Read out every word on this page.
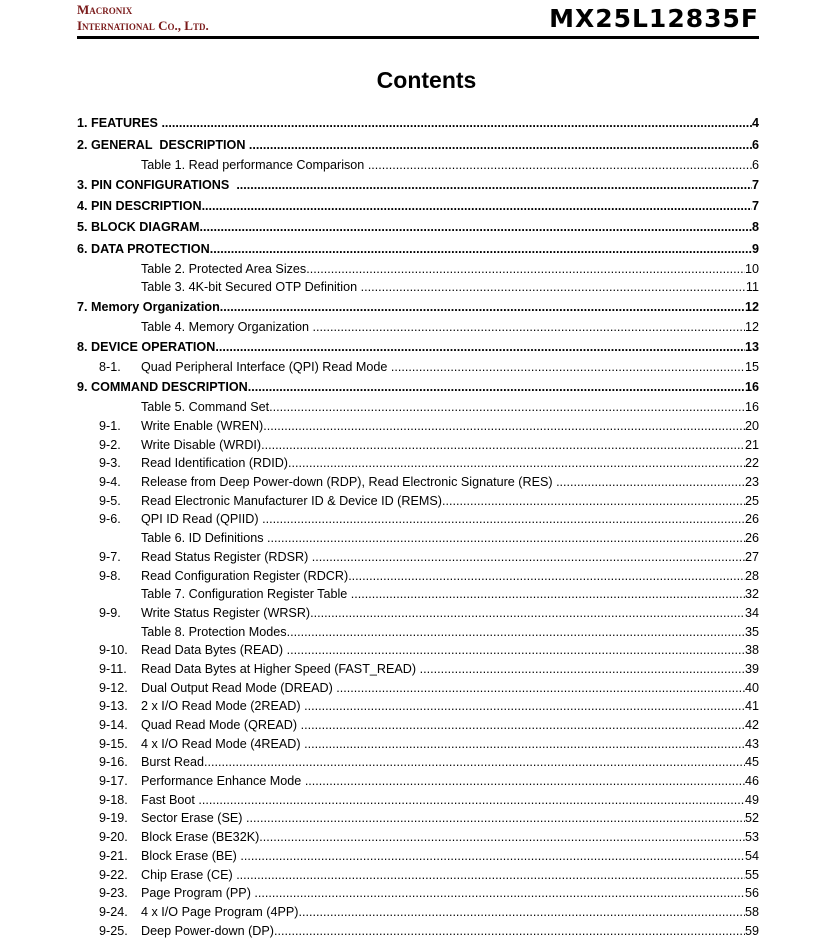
Macronix
International Co., Ltd.	MX25L12835F
Contents
1. FEATURES .....	4
2. GENERAL  DESCRIPTION .....	6
Table 1. Read performance Comparison .....	6
3. PIN CONFIGURATIONS .....	7
4. PIN DESCRIPTION .....	7
5. BLOCK DIAGRAM .....	8
6. DATA PROTECTION .....	9
Table 2. Protected Area Sizes .....	10
Table 3. 4K-bit Secured OTP Definition .....	11
7. Memory Organization .....	12
Table 4. Memory Organization .....	12
8. DEVICE OPERATION .....	13
8-1.	Quad Peripheral Interface (QPI) Read Mode .....	15
9. COMMAND DESCRIPTION .....	16
Table 5. Command Set .....	16
9-1.	Write Enable (WREN) .....	20
9-2.	Write Disable (WRDI) .....	21
9-3.	Read Identification (RDID) .....	22
9-4.	Release from Deep Power-down (RDP), Read Electronic Signature (RES) .....	23
9-5.	Read Electronic Manufacturer ID & Device ID (REMS) .....	25
9-6.	QPI ID Read (QPIID) .....	26
Table 6. ID Definitions .....	26
9-7.	Read Status Register (RDSR) .....	27
9-8.	Read Configuration Register (RDCR) .....	28
Table 7. Configuration Register Table .....	32
9-9.	Write Status Register (WRSR) .....	34
Table 8. Protection Modes .....	35
9-10.	Read Data Bytes (READ) .....	38
9-11.	Read Data Bytes at Higher Speed (FAST_READ) .....	39
9-12.	Dual Output Read Mode (DREAD) .....	40
9-13.	2 x I/O Read Mode (2READ) .....	41
9-14.	Quad Read Mode (QREAD) .....	42
9-15.	4 x I/O Read Mode (4READ) .....	43
9-16.	Burst Read .....	45
9-17.	Performance Enhance Mode .....	46
9-18.	Fast Boot .....	49
9-19.	Sector Erase (SE) .....	52
9-20.	Block Erase (BE32K) .....	53
9-21.	Block Erase (BE) .....	54
9-22.	Chip Erase (CE) .....	55
9-23.	Page Program (PP) .....	56
9-24.	4 x I/O Page Program (4PP) .....	58
9-25.	Deep Power-down (DP) .....	59
